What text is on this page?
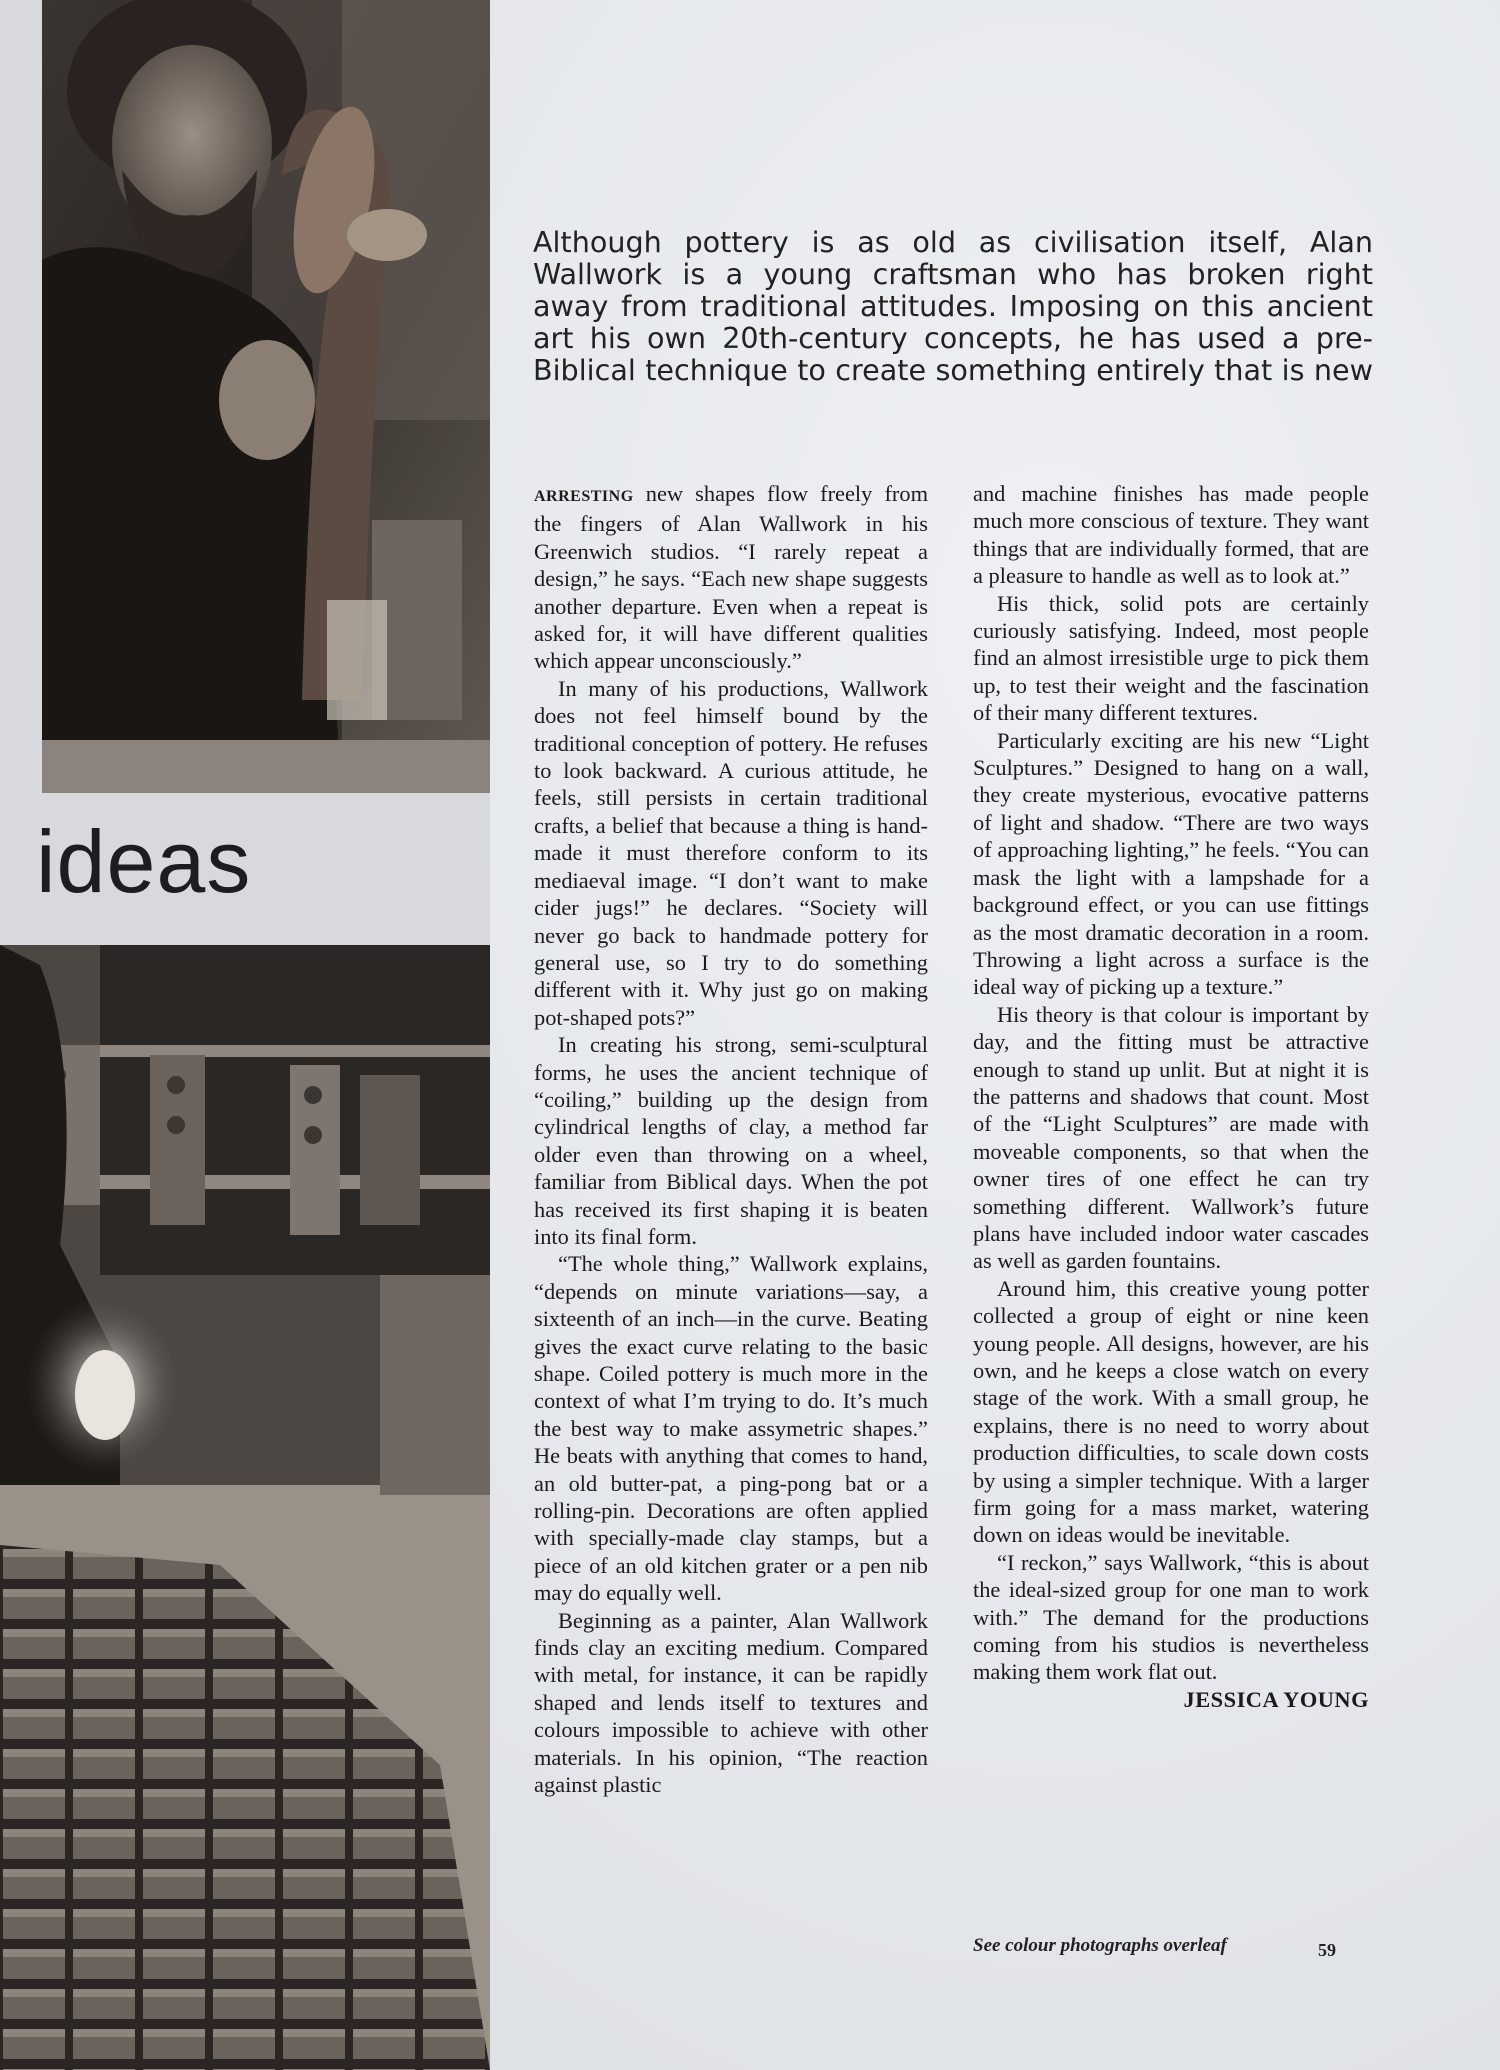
ideas
Although pottery is as old as civilisation itself, Alan
Wallwork is a young craftsman who has broken right
away from traditional attitudes. Imposing on this ancient
art his own 20th-century concepts, he has used a pre-
Biblical technique to create something entirely that is new

ARRESTING new shapes flow freely from the fingers of Alan Wallwork in his Greenwich studios. “I rarely repeat a design,” he says. “Each new shape suggests another departure. Even when a repeat is asked for, it will have different qualities which appear unconsciously.”

In many of his productions, Wallwork does not feel himself bound by the traditional conception of pottery. He refuses to look backward. A curious attitude, he feels, still persists in certain traditional crafts, a belief that because a thing is hand-made it must therefore conform to its mediaeval image. “I don’t want to make cider jugs!” he declares. “Society will never go back to handmade pottery for general use, so I try to do something different with it. Why just go on making pot-shaped pots?”

In creating his strong, semi-sculptural forms, he uses the ancient technique of “coiling,” building up the design from cylindrical lengths of clay, a method far older even than throwing on a wheel, familiar from Biblical days. When the pot has received its first shaping it is beaten into its final form.

“The whole thing,” Wallwork explains, “depends on minute variations—say, a sixteenth of an inch—in the curve. Beating gives the exact curve relating to the basic shape. Coiled pottery is much more in the context of what I’m trying to do. It’s much the best way to make assymetric shapes.” He beats with anything that comes to hand, an old butter-pat, a ping-pong bat or a rolling-pin. Decorations are often applied with specially-made clay stamps, but a piece of an old kitchen grater or a pen nib may do equally well.

Beginning as a painter, Alan Wallwork finds clay an exciting medium. Compared with metal, for instance, it can be rapidly shaped and lends itself to textures and colours impossible to achieve with other materials. In his opinion, “The reaction against plastic

and machine finishes has made people much more conscious of texture. They want things that are individually formed, that are a pleasure to handle as well as to look at.”

His thick, solid pots are certainly curiously satisfying. Indeed, most people find an almost irresistible urge to pick them up, to test their weight and the fascination of their many different textures.

Particularly exciting are his new “Light Sculptures.” Designed to hang on a wall, they create mysterious, evocative patterns of light and shadow. “There are two ways of approaching lighting,” he feels. “You can mask the light with a lampshade for a background effect, or you can use fittings as the most dramatic decoration in a room. Throwing a light across a surface is the ideal way of picking up a texture.”

His theory is that colour is important by day, and the fitting must be attractive enough to stand up unlit. But at night it is the patterns and shadows that count. Most of the “Light Sculptures” are made with moveable components, so that when the owner tires of one effect he can try something different. Wallwork’s future plans have included indoor water cascades as well as garden fountains.

Around him, this creative young potter collected a group of eight or nine keen young people. All designs, however, are his own, and he keeps a close watch on every stage of the work. With a small group, he explains, there is no need to worry about production difficulties, to scale down costs by using a simpler technique. With a larger firm going for a mass market, watering down on ideas would be inevitable.

“I reckon,” says Wallwork, “this is about the ideal-sized group for one man to work with.” The demand for the productions coming from his studios is nevertheless making them work flat out.
JESSICA YOUNG

See colour photographs overleaf	59
